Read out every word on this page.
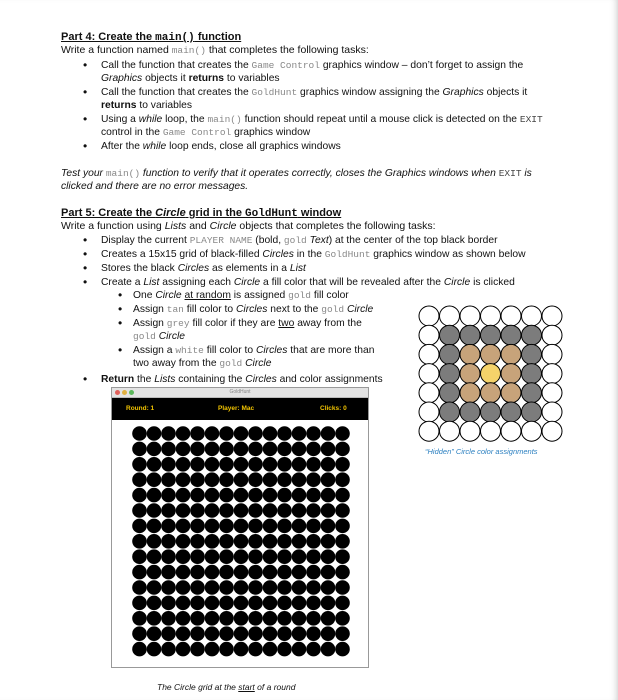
Part 4: Create the main() function
Write a function named main() that completes the following tasks:
• Call the function that creates the Game Control graphics window – don’t forget to assign the
Graphics objects it returns to variables
• Call the function that creates the GoldHunt graphics window assigning the Graphics objects it
returns to variables
• Using a while loop, the main() function should repeat until a mouse click is detected on the EXIT
control in the Game Control graphics window
• After the while loop ends, close all graphics windows
Test your main() function to verify that it operates correctly, closes the Graphics windows when EXIT is
clicked and there are no error messages.
Part 5: Create the Circle grid in the GoldHunt window
Write a function using Lists and Circle objects that completes the following tasks:
• Display the current PLAYER NAME (bold, gold Text) at the center of the top black border
• Creates a 15x15 grid of black-filled Circles in the GoldHunt graphics window as shown below
• Stores the black Circles as elements in a List
• Create a List assigning each Circle a fill color that will be revealed after the Circle is clicked
• One Circle at random is assigned gold fill color
• Assign tan fill color to Circles next to the gold Circle
• Assign grey fill color if they are two away from the
gold Circle
• Assign a white fill color to Circles that are more than
two away from the gold Circle
• Return the Lists containing the Circles and color assignments
GoldHunt
Round: 1	Player: Mac	Clicks: 0
The Circle grid at the start of a round
“Hidden” Circle color assignments
